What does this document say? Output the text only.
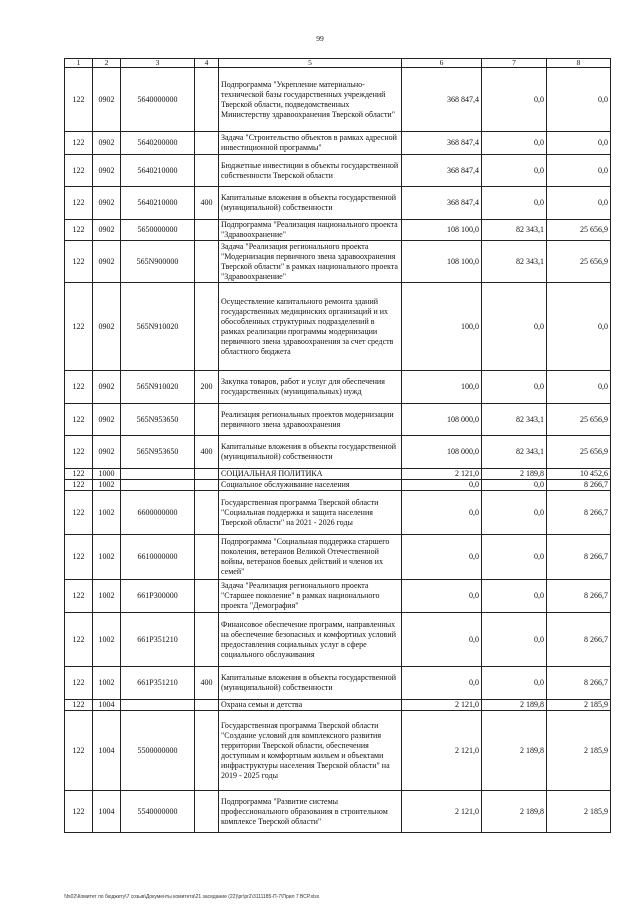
99
1	2	3	4	5	6	7	8
122	0902	5640000000		Подпрограмма "Укрепление материально-технической базы государственных учреждений Тверской области, подведомственных Министерству здравоохранения Тверской области"	368 847,4	0,0	0,0
122	0902	5640200000		Задача "Строительство объектов в рамках адресной инвестиционной программы"	368 847,4	0,0	0,0
122	0902	5640210000		Бюджетные инвестиции в объекты государственной собственности Тверской области	368 847,4	0,0	0,0
122	0902	5640210000	400	Капитальные вложения в объекты государственной (муниципальной) собственности	368 847,4	0,0	0,0
122	0902	5650000000		Подпрограмма "Реализация национального проекта "Здравоохранение"	108 100,0	82 343,1	25 656,9
122	0902	565N900000		Задача "Реализация регионального проекта "Модернизация первичного звена здравоохранения Тверской области" в рамках национального проекта "Здравоохранение"	108 100,0	82 343,1	25 656,9
122	0902	565N910020		Осуществление капитального ремонта зданий государственных медицинских организаций и их обособленных структурных подразделений в рамках реализации программы модернизации первичного звена здравоохранения за счет средств областного бюджета	100,0	0,0	0,0
122	0902	565N910020	200	Закупка товаров, работ и услуг для обеспечения государственных (муниципальных) нужд	100,0	0,0	0,0
122	0902	565N953650		Реализация региональных проектов модернизации первичного звена здравоохранения	108 000,0	82 343,1	25 656,9
122	0902	565N953650	400	Капитальные вложения в объекты государственной (муниципальной) собственности	108 000,0	82 343,1	25 656,9
122	1000			СОЦИАЛЬНАЯ ПОЛИТИКА	2 121,0	2 189,8	10 452,6
122	1002			Социальное обслуживание населения	0,0	0,0	8 266,7
122	1002	6600000000		Государственная программа Тверской области "Социальная поддержка и защита населения Тверской области" на 2021 - 2026 годы	0,0	0,0	8 266,7
122	1002	6610000000		Подпрограмма "Социальная поддержка старшего поколения, ветеранов Великой Отечественной войны, ветеранов боевых действий и членов их семей"	0,0	0,0	8 266,7
122	1002	661P300000		Задача "Реализация регионального проекта "Старшее поколение" в рамках национального проекта "Демография"	0,0	0,0	8 266,7
122	1002	661P351210		Финансовое обеспечение программ, направленных на обеспечение безопасных и комфортных условий предоставления социальных услуг в сфере социального обслуживания	0,0	0,0	8 266,7
122	1002	661P351210	400	Капитальные вложения в объекты государственной (муниципальной) собственности	0,0	0,0	8 266,7
122	1004			Охрана семьи и детства	2 121,0	2 189,8	2 185,9
122	1004	5500000000		Государственная программа Тверской области "Создание условий для комплексного развития территории Тверской области, обеспечения доступным и комфортным жильем и объектами инфраструктуры населения Тверской области" на 2019 - 2025 годы	2 121,0	2 189,8	2 185,9
122	1004	5540000000		Подпрограмма "Развитие системы профессионального образования в строительном комплексе Тверской области"	2 121,0	2 189,8	2 185,9
\\fs02\Комитет по бюджету\7 созыв\Документы комитета\21 заседание (22)\pr\pr2\3111185-П-7\Прил 7 ВСР.xlsx
